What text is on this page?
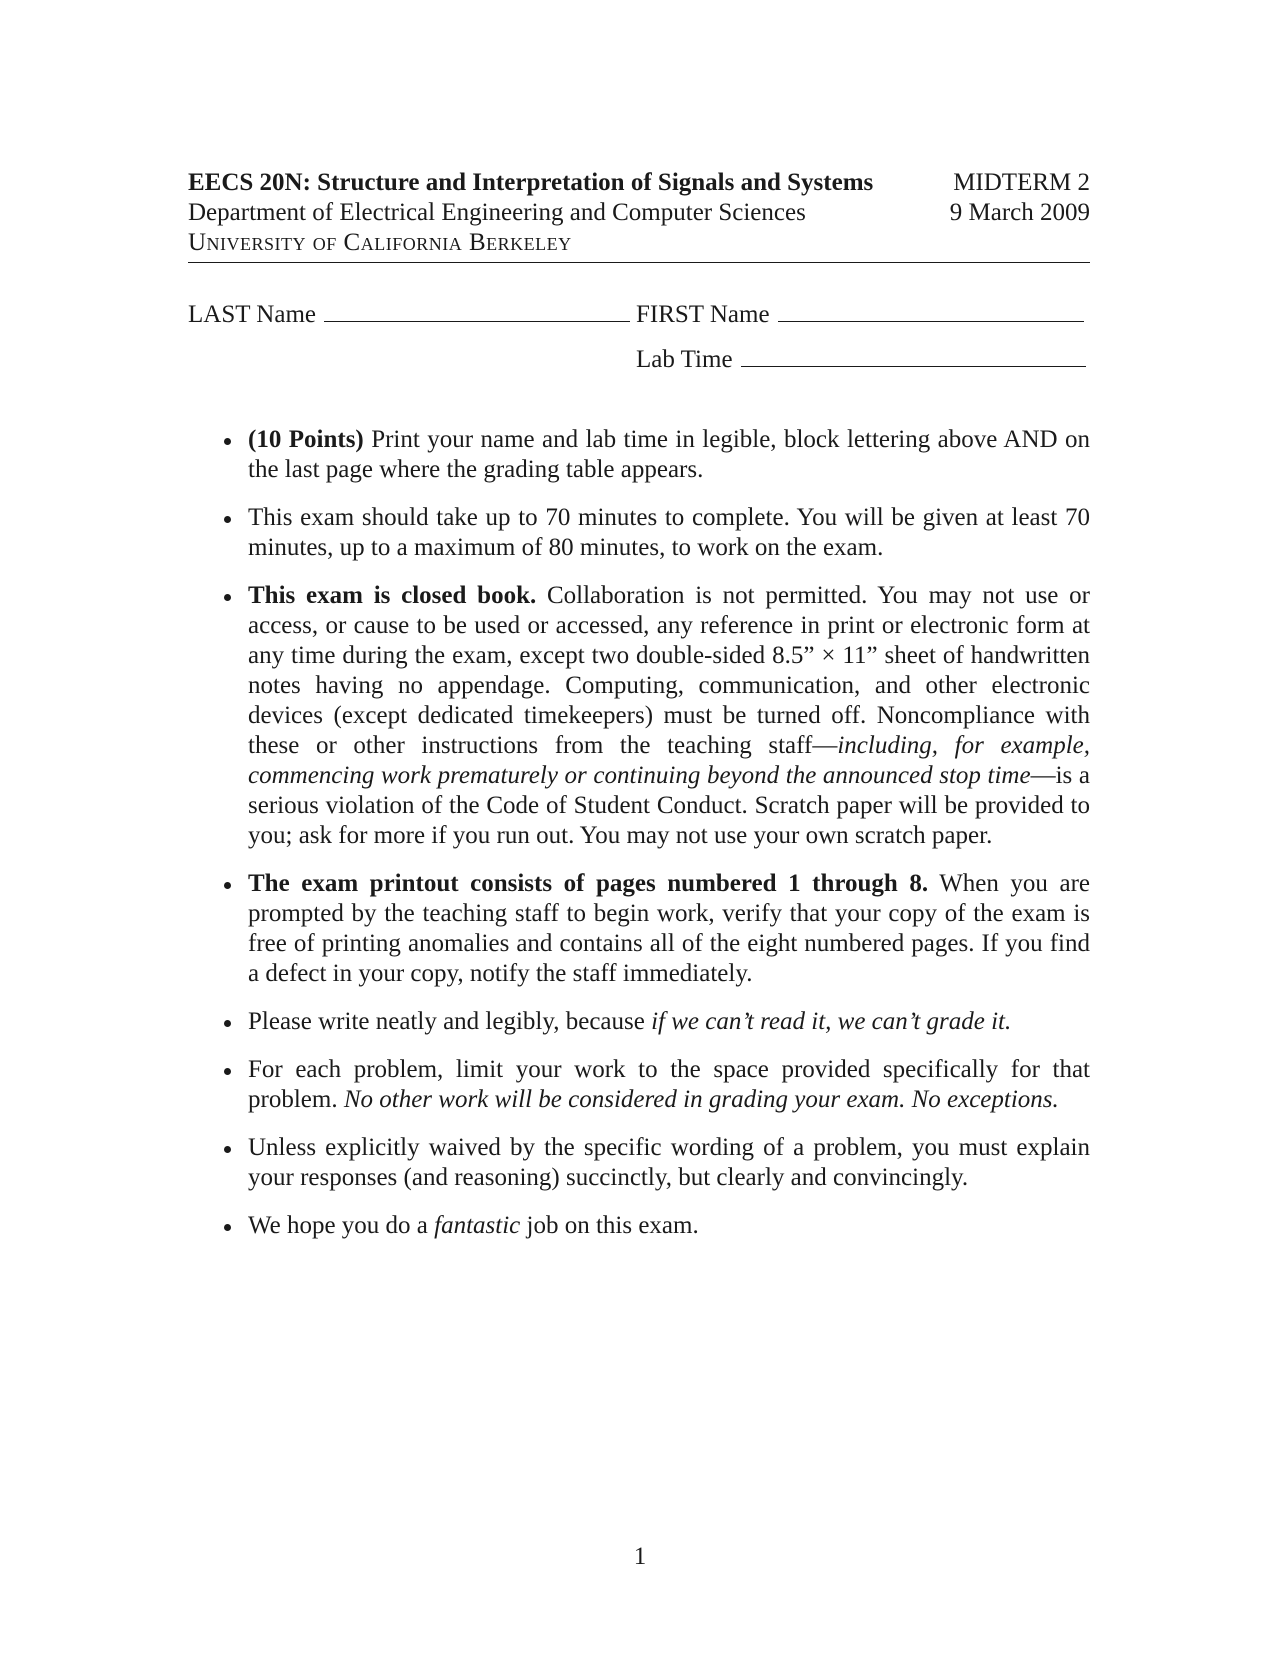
EECS 20N: Structure and Interpretation of Signals and Systems	MIDTERM 2
Department of Electrical Engineering and Computer Sciences	9 March 2009
University of California Berkeley
LAST Name	FIRST Name
Lab Time
(10 Points) Print your name and lab time in legible, block lettering above AND on the last page where the grading table appears.
This exam should take up to 70 minutes to complete. You will be given at least 70 minutes, up to a maximum of 80 minutes, to work on the exam.
This exam is closed book. Collaboration is not permitted. You may not use or access, or cause to be used or accessed, any reference in print or electronic form at any time during the exam, except two double-sided 8.5” × 11” sheet of handwritten notes having no appendage. Computing, communication, and other electronic devices (except dedicated timekeepers) must be turned off. Noncompliance with these or other instructions from the teaching staff—including, for example, commencing work prematurely or continuing beyond the announced stop time—is a serious violation of the Code of Student Conduct. Scratch paper will be provided to you; ask for more if you run out. You may not use your own scratch paper.
The exam printout consists of pages numbered 1 through 8. When you are prompted by the teaching staff to begin work, verify that your copy of the exam is free of printing anomalies and contains all of the eight numbered pages. If you find a defect in your copy, notify the staff immediately.
Please write neatly and legibly, because if we can’t read it, we can’t grade it.
For each problem, limit your work to the space provided specifically for that problem. No other work will be considered in grading your exam. No exceptions.
Unless explicitly waived by the specific wording of a problem, you must explain your responses (and reasoning) succinctly, but clearly and convincingly.
We hope you do a fantastic job on this exam.
1
